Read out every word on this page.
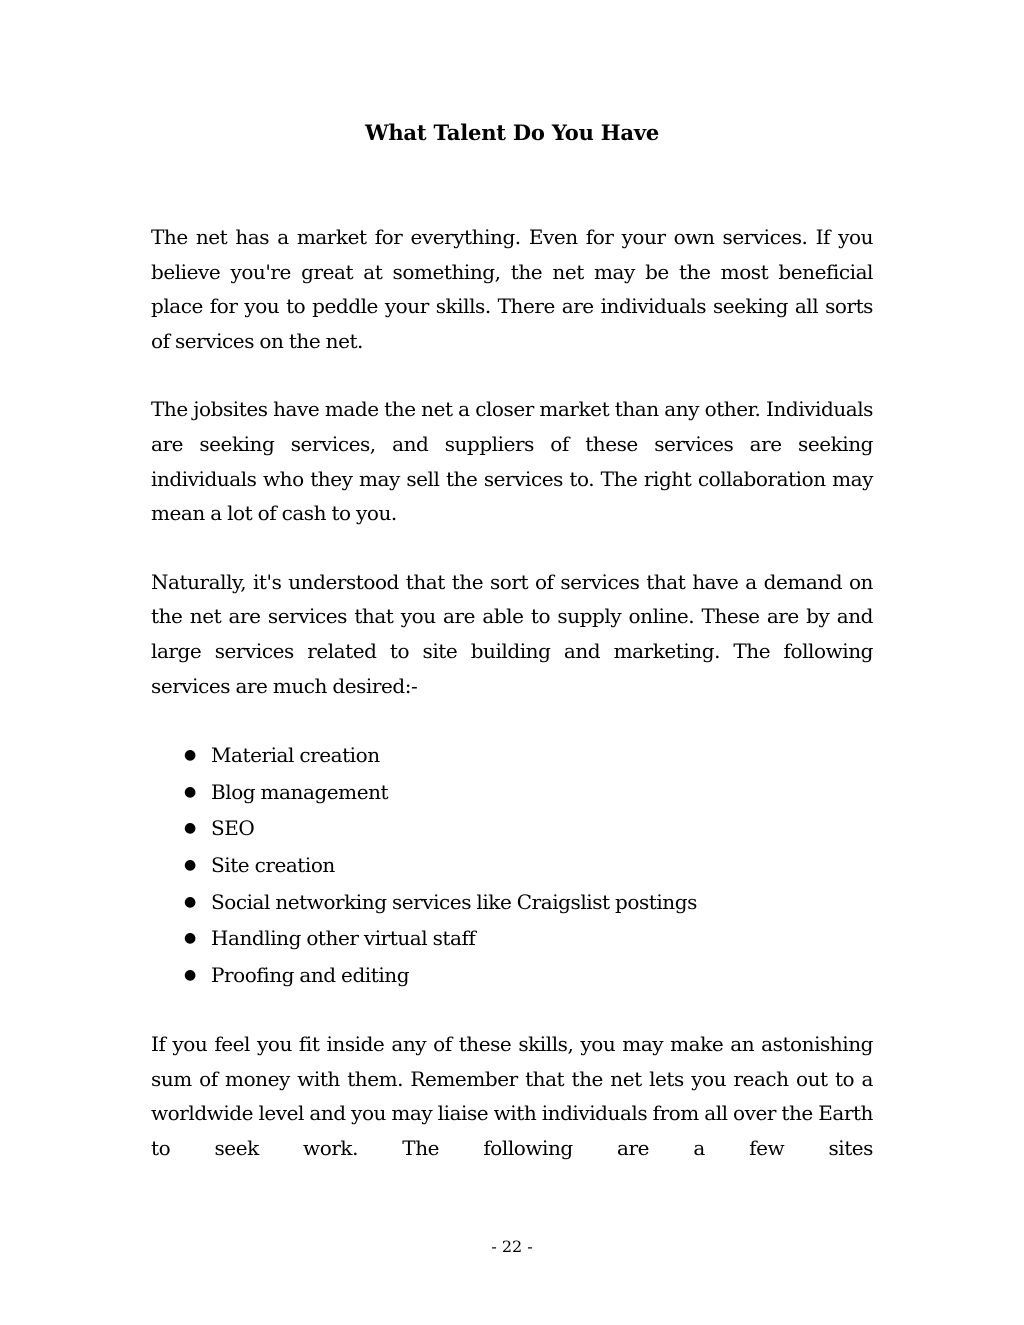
What Talent Do You Have

The net has a market for everything. Even for your own services. If you believe you're great at something, the net may be the most beneficial place for you to peddle your skills. There are individuals seeking all sorts of services on the net.

The jobsites have made the net a closer market than any other. Individuals are seeking services, and suppliers of these services are seeking individuals who they may sell the services to. The right collaboration may mean a lot of cash to you.

Naturally, it's understood that the sort of services that have a demand on the net are services that you are able to supply online. These are by and large services related to site building and marketing. The following services are much desired:-

● Material creation
● Blog management
● SEO
● Site creation
● Social networking services like Craigslist postings
● Handling other virtual staff
● Proofing and editing

If you feel you fit inside any of these skills, you may make an astonishing sum of money with them. Remember that the net lets you reach out to a worldwide level and you may liaise with individuals from all over the Earth to seek work. The following are a few sites

- 22 -
